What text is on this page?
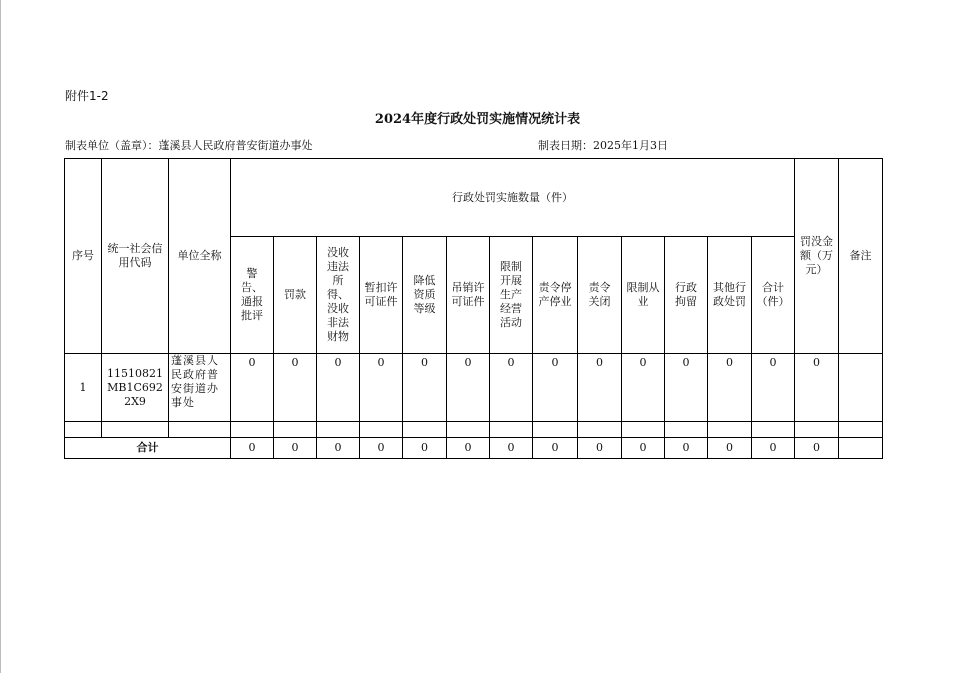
附件1-2
2024年度行政处罚实施情况统计表
制表单位（盖章）：蓬溪县人民政府普安街道办事处	制表日期：2025年1月3日
序号	统一社会信用代码	单位全称	行政处罚实施数量（件）													罚没金额（万元）	备注

			警告、通报批评	罚款	没收违法所得、没收非法财物	暂扣许可证件	降低资质等级	吊销许可证件	限制开展生产经营活动	责令停产停业	责令关闭	限制从业	行政拘留	其他行政处罚	合计（件）		

1	11510821MB1C6922X9	蓬溪县人民政府普安街道办事处	0	0	0	0	0	0	0	0	0	0	0	0	0	0	

合计			0	0	0	0	0	0	0	0	0	0	0	0	0	0	
